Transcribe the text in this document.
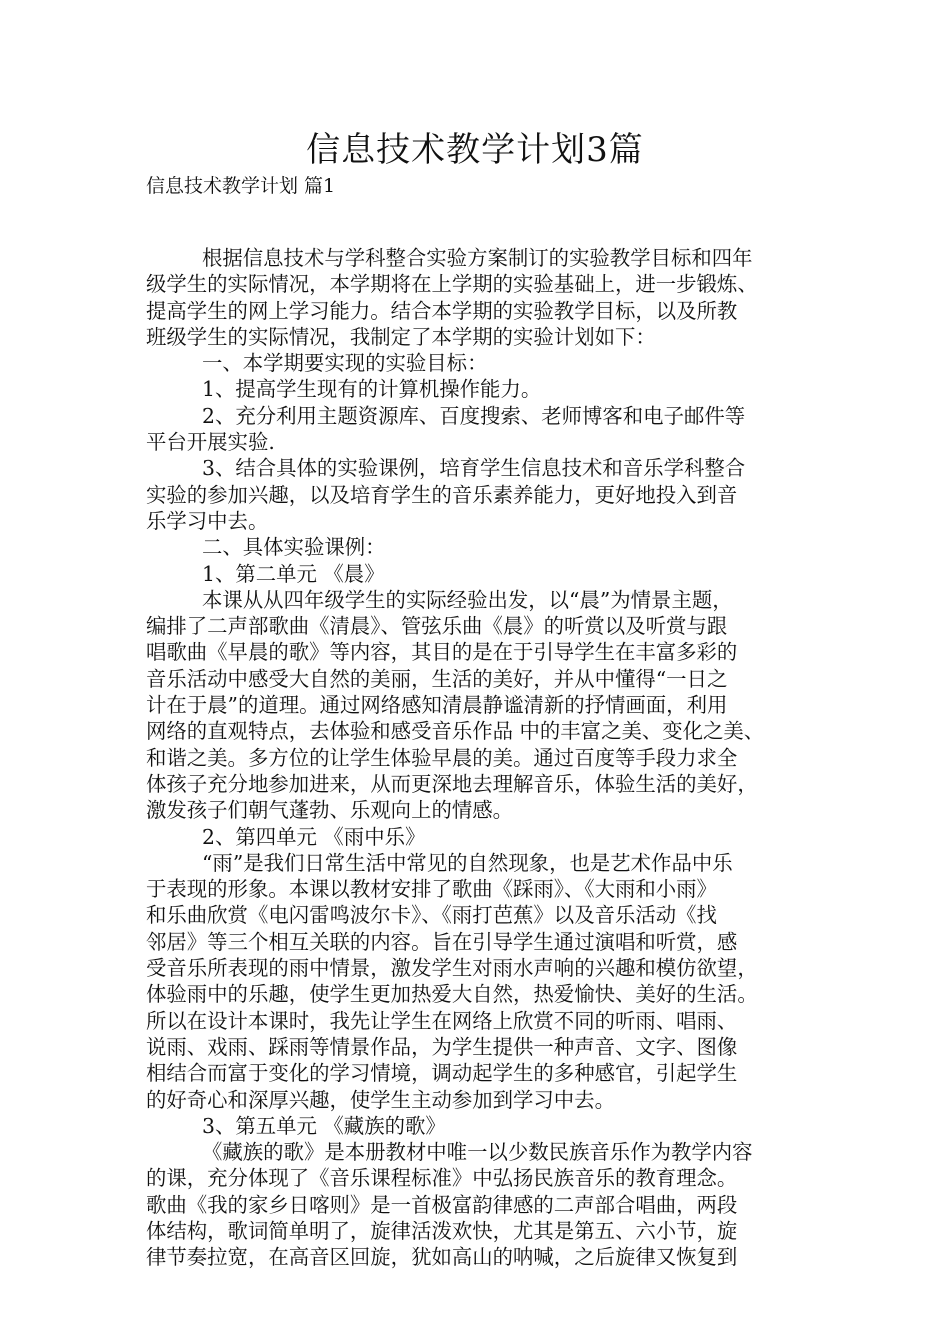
信息技术教学计划3篇
信息技术教学计划 篇1
根据信息技术与学科整合实验方案制订的实验教学目标和四年
级学生的实际情况，本学期将在上学期的实验基础上，进一步锻炼、
提高学生的网上学习能力。结合本学期的实验教学目标，以及所教
班级学生的实际情况，我制定了本学期的实验计划如下：
一、本学期要实现的实验目标：
1、提高学生现有的计算机操作能力。
2、充分利用主题资源库、百度搜索、老师博客和电子邮件等
平台开展实验.
3、结合具体的实验课例，培育学生信息技术和音乐学科整合
实验的参加兴趣，以及培育学生的音乐素养能力，更好地投入到音
乐学习中去。
二、具体实验课例：
1、第二单元 《晨》
本课从从四年级学生的实际经验出发，以“晨”为情景主题，
编排了二声部歌曲《清晨》、管弦乐曲《晨》的听赏以及听赏与跟
唱歌曲《早晨的歌》等内容，其目的是在于引导学生在丰富多彩的
音乐活动中感受大自然的美丽，生活的美好，并从中懂得“一日之
计在于晨”的道理。通过网络感知清晨静谧清新的抒情画面，利用
网络的直观特点，去体验和感受音乐作品 中的丰富之美、变化之美、
和谐之美。多方位的让学生体验早晨的美。通过百度等手段力求全
体孩子充分地参加进来，从而更深地去理解音乐，体验生活的美好，
激发孩子们朝气蓬勃、乐观向上的情感。
2、第四单元 《雨中乐》
“雨”是我们日常生活中常见的自然现象，也是艺术作品中乐
于表现的形象。本课以教材安排了歌曲《踩雨》、《大雨和小雨》
和乐曲欣赏《电闪雷鸣波尔卡》、《雨打芭蕉》以及音乐活动《找
邻居》等三个相互关联的内容。旨在引导学生通过演唱和听赏，感
受音乐所表现的雨中情景，激发学生对雨水声响的兴趣和模仿欲望，
体验雨中的乐趣，使学生更加热爱大自然，热爱愉快、美好的生活。
所以在设计本课时，我先让学生在网络上欣赏不同的听雨、唱雨、
说雨、戏雨、踩雨等情景作品，为学生提供一种声音、文字、图像
相结合而富于变化的学习情境，调动起学生的多种感官，引起学生
的好奇心和深厚兴趣，使学生主动参加到学习中去。
3、第五单元 《藏族的歌》
《藏族的歌》是本册教材中唯一以少数民族音乐作为教学内容
的课，充分体现了《音乐课程标准》中弘扬民族音乐的教育理念。
歌曲《我的家乡日喀则》是一首极富韵律感的二声部合唱曲，两段
体结构，歌词简单明了，旋律活泼欢快，尤其是第五、六小节，旋
律节奏拉宽，在高音区回旋，犹如高山的呐喊，之后旋律又恢复到
